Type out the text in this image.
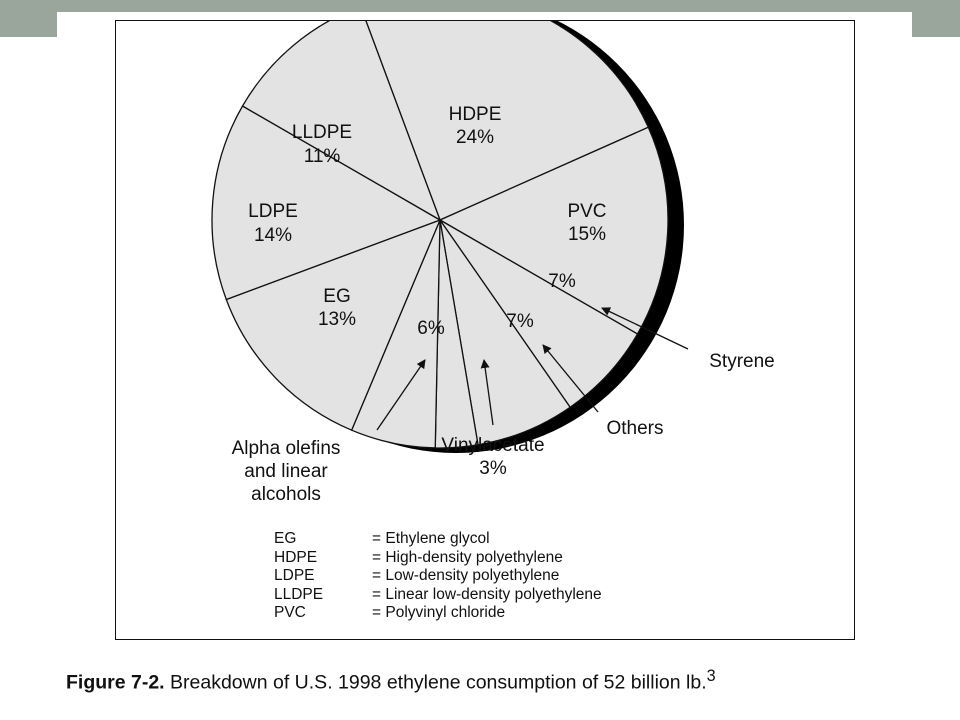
HDPE
24%
PVC
15%
7%
7%
6%
EG
13%
LDPE
14%
LLDPE
11%
Styrene
Others
Vinylacetate
3%
Alpha olefins
and linear
alcohols
EG	= Ethylene glycol
HDPE	= High-density polyethylene
LDPE	= Low-density polyethylene
LLDPE	= Linear low-density polyethylene
PVC	= Polyvinyl chloride
Figure 7-2. Breakdown of U.S. 1998 ethylene consumption of 52 billion lb.$^3$
